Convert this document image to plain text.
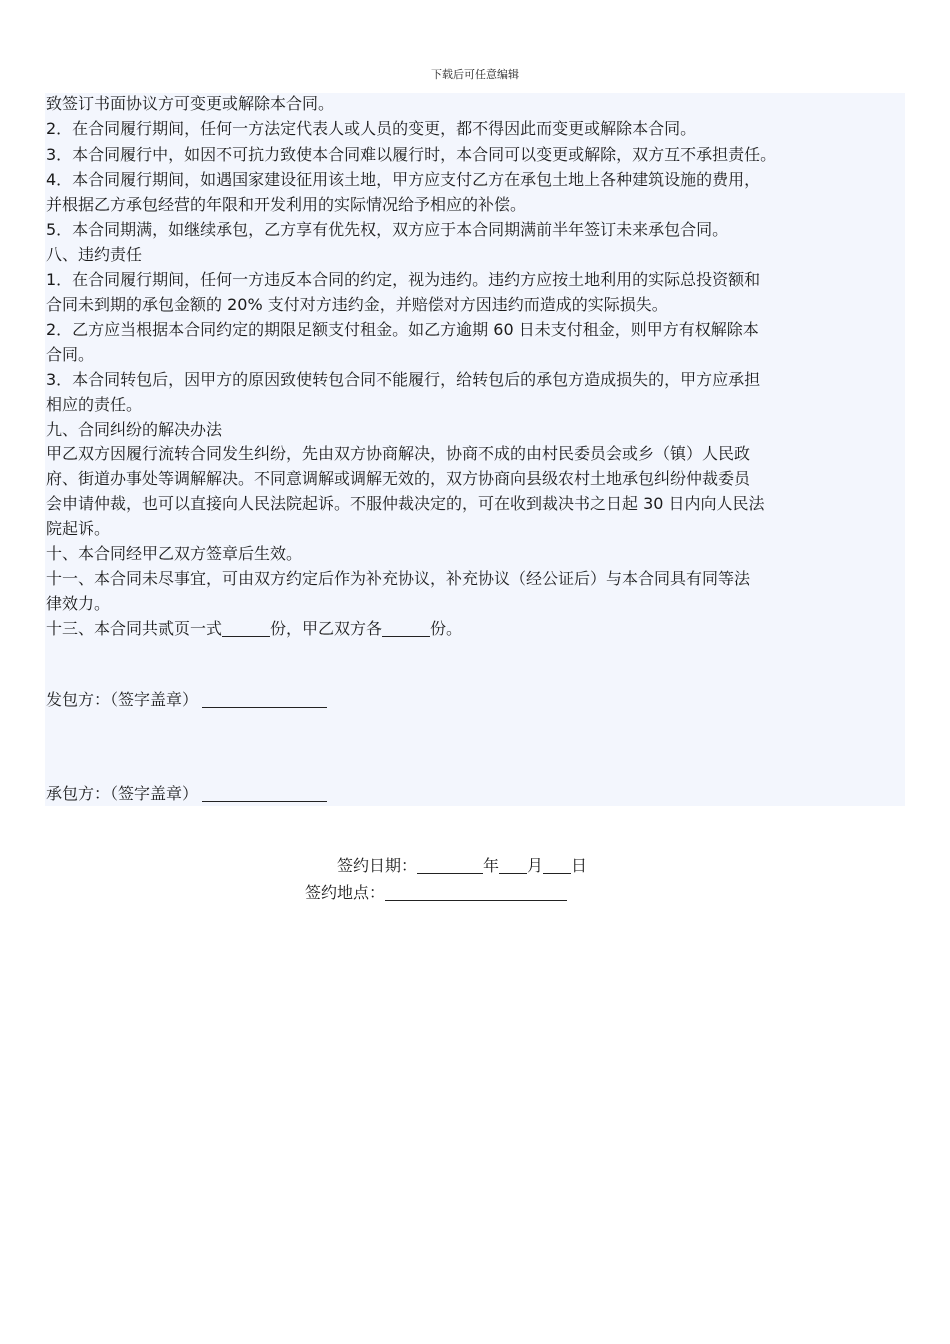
下载后可任意编辑
致签订书面协议方可变更或解除本合同。
2．在合同履行期间，任何一方法定代表人或人员的变更，都不得因此而变更或解除本合同。
3．本合同履行中，如因不可抗力致使本合同难以履行时，本合同可以变更或解除，双方互不承担责任。
4．本合同履行期间，如遇国家建设征用该土地，甲方应支付乙方在承包土地上各种建筑设施的费用，
并根据乙方承包经营的年限和开发利用的实际情况给予相应的补偿。
5．本合同期满，如继续承包，乙方享有优先权，双方应于本合同期满前半年签订未来承包合同。
八、违约责任
1．在合同履行期间，任何一方违反本合同的约定，视为违约。违约方应按土地利用的实际总投资额和
合同未到期的承包金额的 20% 支付对方违约金，并赔偿对方因违约而造成的实际损失。
2．乙方应当根据本合同约定的期限足额支付租金。如乙方逾期 60 日未支付租金，则甲方有权解除本
合同。
3．本合同转包后，因甲方的原因致使转包合同不能履行，给转包后的承包方造成损失的，甲方应承担
相应的责任。
九、合同纠纷的解决办法
甲乙双方因履行流转合同发生纠纷，先由双方协商解决，协商不成的由村民委员会或乡（镇）人民政
府、街道办事处等调解解决。不同意调解或调解无效的，双方协商向县级农村土地承包纠纷仲裁委员
会申请仲裁，也可以直接向人民法院起诉。不服仲裁决定的，可在收到裁决书之日起 30 日内向人民法
院起诉。
十、本合同经甲乙双方签章后生效。
十一、本合同未尽事宜，可由双方约定后作为补充协议，补充协议（经公证后）与本合同具有同等法
律效力。
十三、本合同共贰页一式	份，甲乙双方各	份。
发包方：（签字盖章）
承包方：（签字盖章）
签约日期：	年 月 日
签约地点：
